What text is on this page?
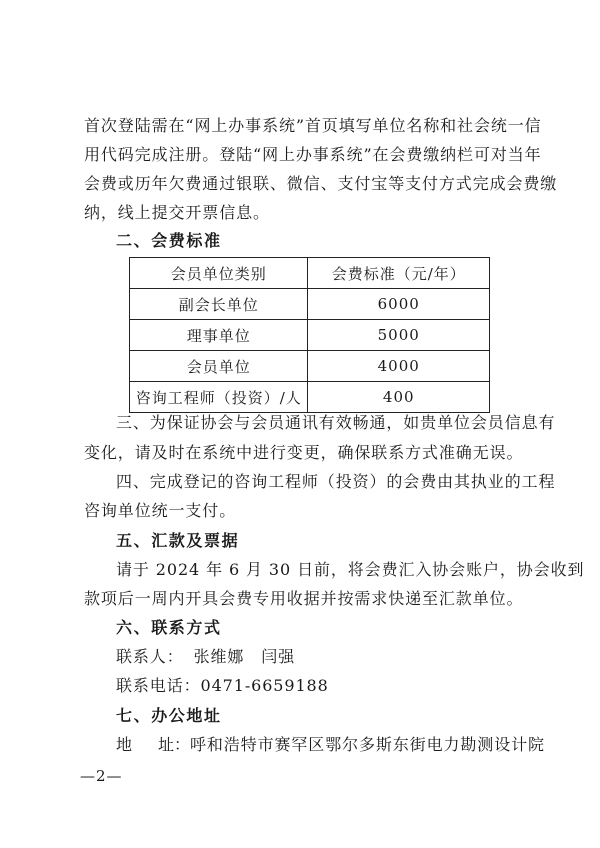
首次登陆需在“网上办事系统”首页填写单位名称和社会统一信
用代码完成注册。登陆“网上办事系统”在会费缴纳栏可对当年
会费或历年欠费通过银联、微信、支付宝等支付方式完成会费缴
纳，线上提交开票信息。
二、会费标准
会员单位类别	会费标准（元/年）
副会长单位	6000
理事单位	5000
会员单位	4000
咨询工程师（投资）/人	400
三、为保证协会与会员通讯有效畅通，如贵单位会员信息有
变化，请及时在系统中进行变更，确保联系方式准确无误。
四、完成登记的咨询工程师（投资）的会费由其执业的工程
咨询单位统一支付。
五、汇款及票据
请于 2024 年 6 月 30 日前，将会费汇入协会账户，协会收到
款项后一周内开具会费专用收据并按需求快递至汇款单位。
六、联系方式
联系人： 张维娜　闫强
联系电话：0471-6659188
七、办公地址
地 址： 呼和浩特市赛罕区鄂尔多斯东街电力勘测设计院
—2—
